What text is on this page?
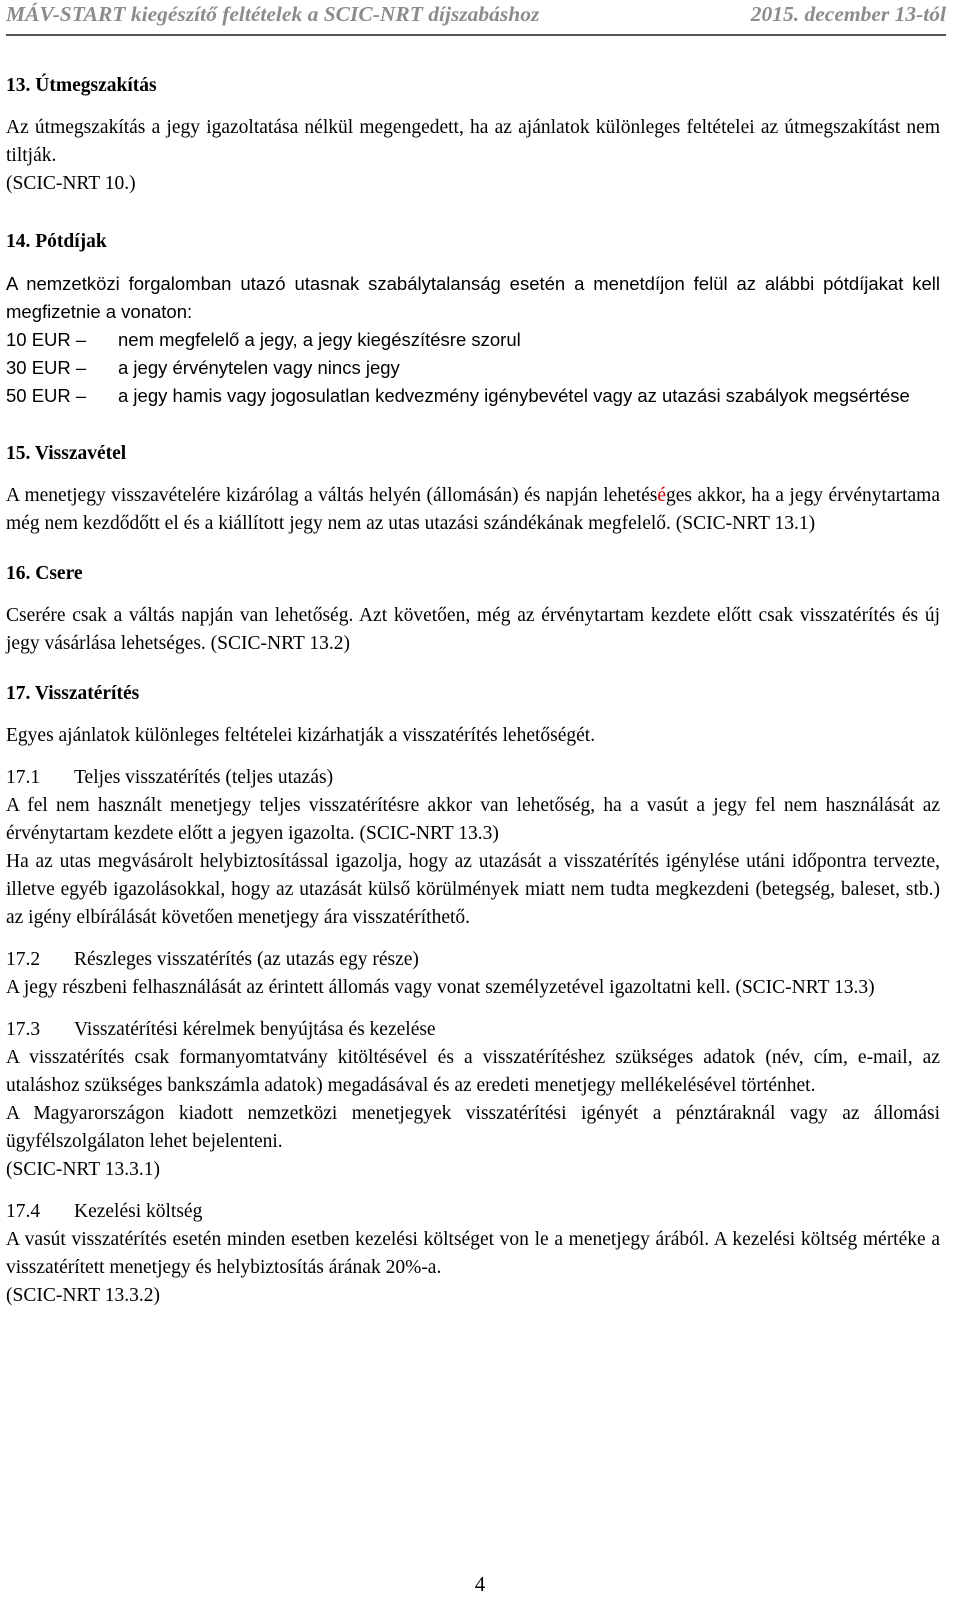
MÁV-START kiegészítő feltételek a SCIC-NRT díjszabáshoz	2015. december 13-tól

13. Útmegszakítás

Az útmegszakítás a jegy igazoltatása nélkül megengedett, ha az ajánlatok különleges feltételei az útmegszakítást nem tiltják.

(SCIC-NRT 10.)

14. Pótdíjak

A nemzetközi forgalomban utazó utasnak szabálytalanság esetén a menetdíjon felül az alábbi pótdíjakat kell megfizetnie a vonaton:

10 EUR – nem megfelelő a jegy, a jegy kiegészítésre szorul
30 EUR – a jegy érvénytelen vagy nincs jegy
50 EUR – a jegy hamis vagy jogosulatlan kedvezmény igénybevétel vagy az utazási szabályok megsértése

15. Visszavétel

A menetjegy visszavételére kizárólag a váltás helyén (állomásán) és napján lehetéséges akkor, ha a jegy érvénytartama még nem kezdődőtt el és a kiállított jegy nem az utas utazási szándékának megfelelő. (SCIC-NRT 13.1)

16. Csere

Cserére csak a váltás napján van lehetőség. Azt követően, még az érvénytartam kezdete előtt csak visszatérítés és új jegy vásárlása lehetséges. (SCIC-NRT 13.2)

17. Visszatérítés

Egyes ajánlatok különleges feltételei kizárhatják a visszatérítés lehetőségét.

17.1 Teljes visszatérítés (teljes utazás)

A fel nem használt menetjegy teljes visszatérítésre akkor van lehetőség, ha a vasút a jegy fel nem használását az érvénytartam kezdete előtt a jegyen igazolta. (SCIC-NRT 13.3)

Ha az utas megvásárolt helybiztosítással igazolja, hogy az utazását a visszatérítés igénylése utáni időpontra tervezte, illetve egyéb igazolásokkal, hogy az utazását külső körülmények miatt nem tudta megkezdeni (betegség, baleset, stb.) az igény elbírálását követően menetjegy ára visszatéríthető.

17.2 Részleges visszatérítés (az utazás egy része)

A jegy részbeni felhasználását az érintett állomás vagy vonat személyzetével igazoltatni kell. (SCIC-NRT 13.3)

17.3 Visszatérítési kérelmek benyújtása és kezelése

A visszatérítés csak formanyomtatvány kitöltésével és a visszatérítéshez szükséges adatok (név, cím, e-mail, az utaláshoz szükséges bankszámla adatok) megadásával és az eredeti menetjegy mellékelésével történhet.

A Magyarországon kiadott nemzetközi menetjegyek visszatérítési igényét a pénztáraknál vagy az állomási ügyfélszolgálaton lehet bejelenteni.

(SCIC-NRT 13.3.1)

17.4 Kezelési költség

A vasút visszatérítés esetén minden esetben kezelési költséget von le a menetjegy árából. A kezelési költség mértéke a visszatérített menetjegy és helybiztosítás árának 20%-a.

(SCIC-NRT 13.3.2)

4
